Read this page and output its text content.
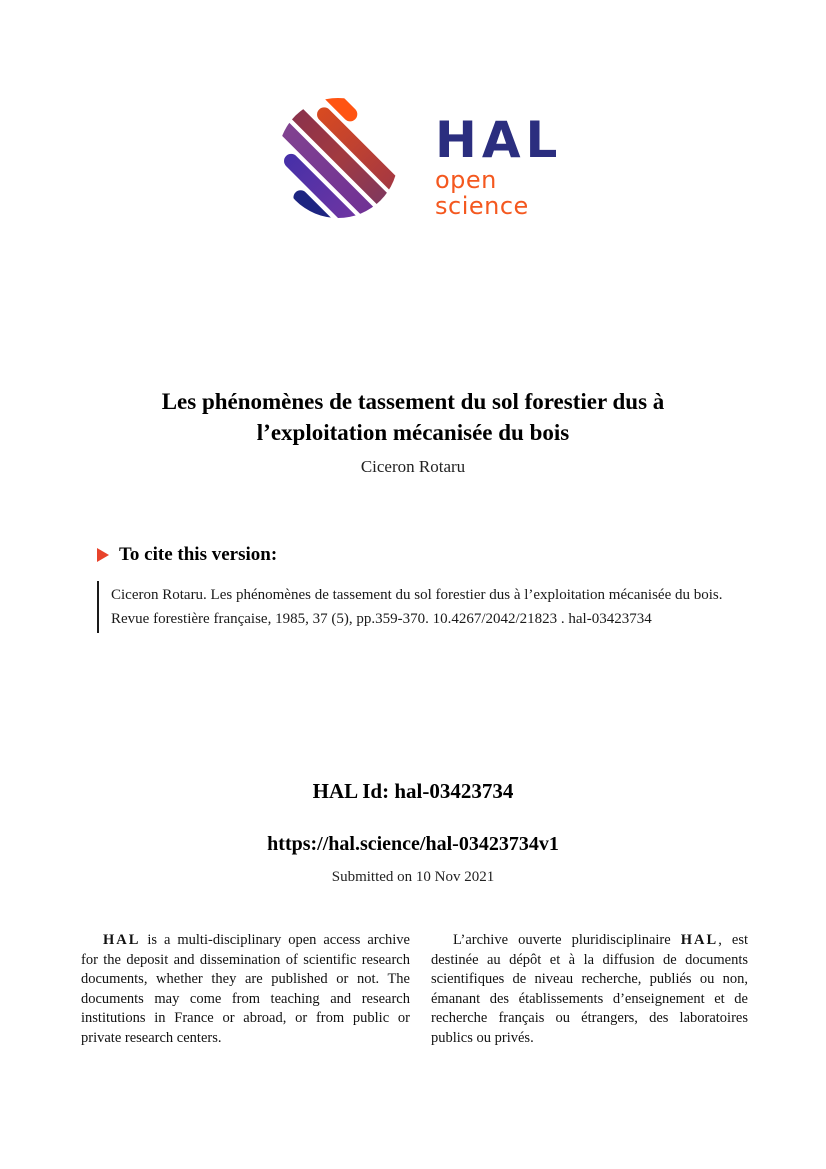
HAL
open science
Les phénomènes de tassement du sol forestier dus à
l’exploitation mécanisée du bois
Ciceron Rotaru
To cite this version:

Ciceron Rotaru. Les phénomènes de tassement du sol forestier dus à l’exploitation mécanisée du bois.

Revue forestière française, 1985, 37 (5), pp.359-370. 10.4267/2042/21823 . hal-03423734

HAL Id: hal-03423734

https://hal.science/hal-03423734v1
Submitted on 10 Nov 2021

HAL is a multi-disciplinary open access archive for the deposit and dissemination of scientific research documents, whether they are published or not. The documents may come from teaching and research institutions in France or abroad, or from public or private research centers.

L’archive ouverte pluridisciplinaire HAL, est destinée au dépôt et à la diffusion de documents scientifiques de niveau recherche, publiés ou non, émanant des établissements d’enseignement et de recherche français ou étrangers, des laboratoires publics ou privés.
